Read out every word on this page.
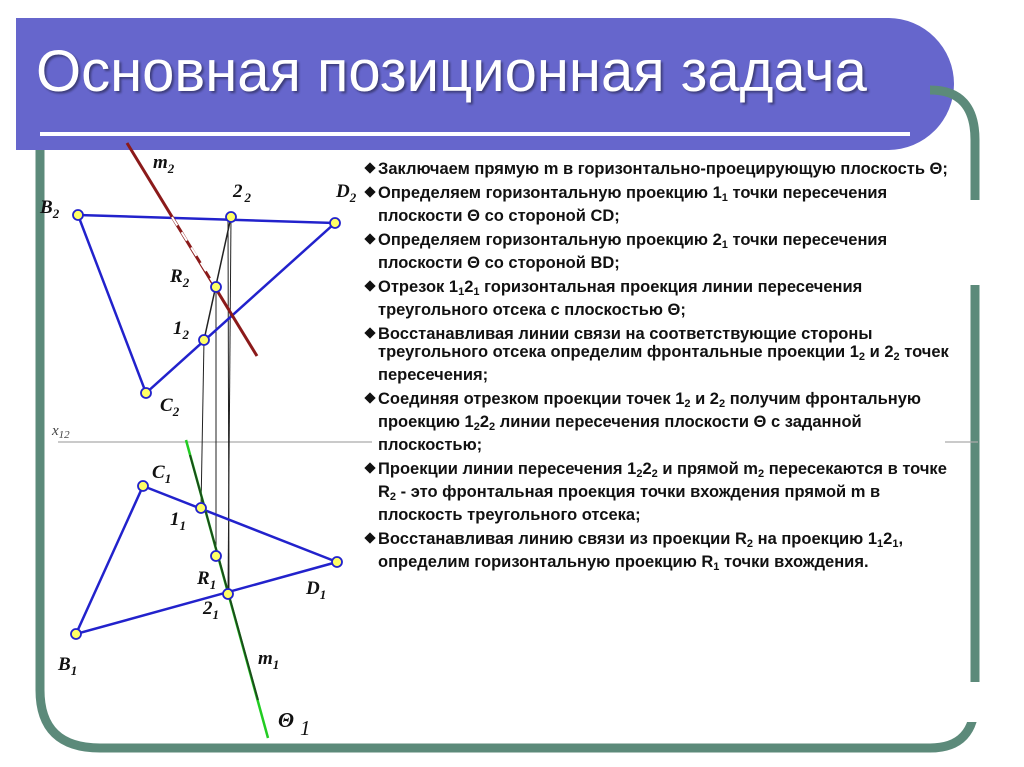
Основная позиционная задача
$m_2$
2 $_2$	$D_2$
$B_2$
$R_2$
$1_2$
$C_2$
$x_{12}$
$C_1$
$1_1$
$R_1$
$2_1$
$D_1$
$B_1$
$m_1$
Θ 1
Заключаем прямую m в горизонтально-проецирующую плоскость Θ;
Определяем горизонтальную проекцию $1_1$ точки пересечения плоскости Θ со стороной CD;
Определяем горизонтальную проекцию $2_1$ точки пересечения плоскости Θ со стороной BD;
Отрезок $1_12_1$ горизонтальная проекция линии пересечения треугольного отсека с плоскостью Θ;
Восстанавливая линии связи на соответствующие стороны треугольного отсека определим фронтальные проекции $1_2$ и $2_2$ точек пересечения;
Соединяя отрезком проекции точек $1_2$ и $2_2$ получим фронтальную проекцию $1_22_2$ линии пересечения плоскости Θ с заданной плоскостью;
Проекции линии пересечения $1_22_2$ и прямой $m_2$ пересекаются в точке $R_2$ - это фронтальная проекция точки вхождения прямой m в плоскость треугольного отсека;
Восстанавливая линию связи из проекции $R_2$ на проекцию $1_12_1$, определим горизонтальную проекцию $R_1$ точки вхождения.
